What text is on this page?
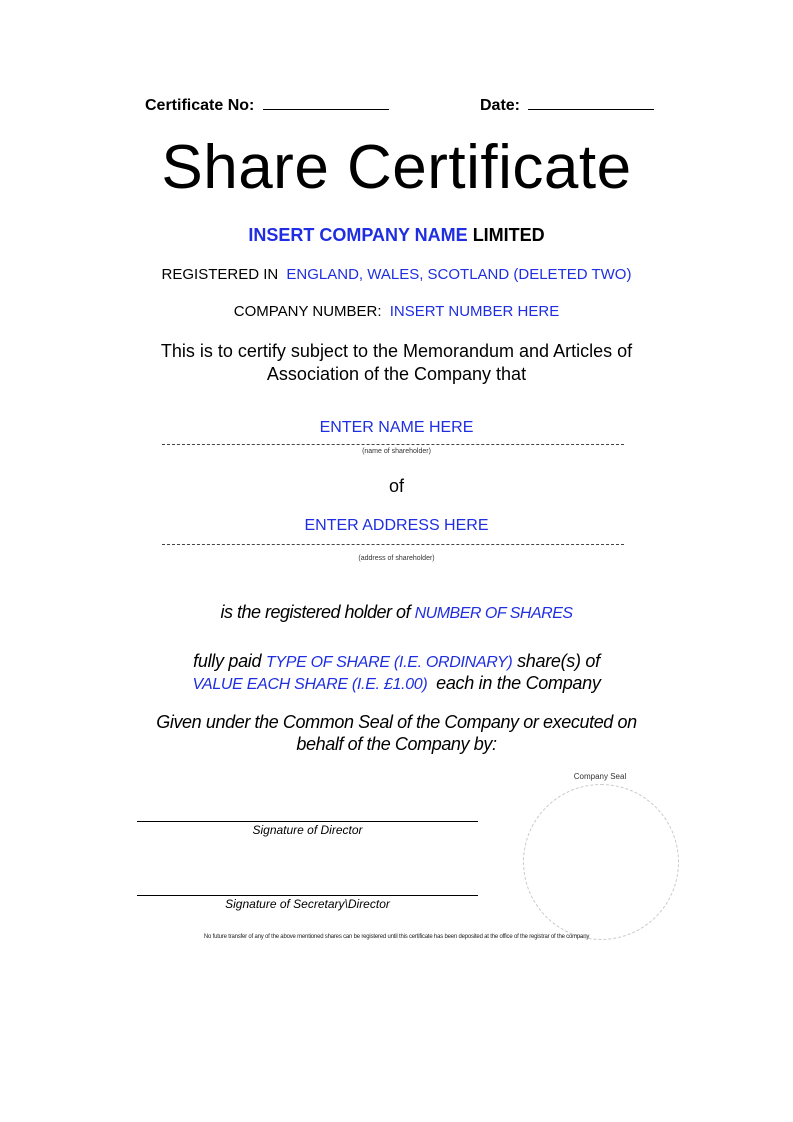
Certificate No:	Date:
Share Certificate
INSERT COMPANY NAME LIMITED
REGISTERED IN ENGLAND, WALES, SCOTLAND (DELETED TWO)
COMPANY NUMBER: INSERT NUMBER HERE
This is to certify subject to the Memorandum and Articles of
Association of the Company that
ENTER NAME HERE
(name of shareholder)
of
ENTER ADDRESS HERE
(address of shareholder)
is the registered holder of NUMBER OF SHARES
fully paid TYPE OF SHARE (I.E. ORDINARY) share(s) of
VALUE EACH SHARE (I.E. £1.00) each in the Company
Given under the Common Seal of the Company or executed on
behalf of the Company by:
Signature of Director
Signature of Secretary\Director
Company Seal
No future transfer of any of the above mentioned shares can be registered until this certificate has been deposited at the office of the registrar of the company
